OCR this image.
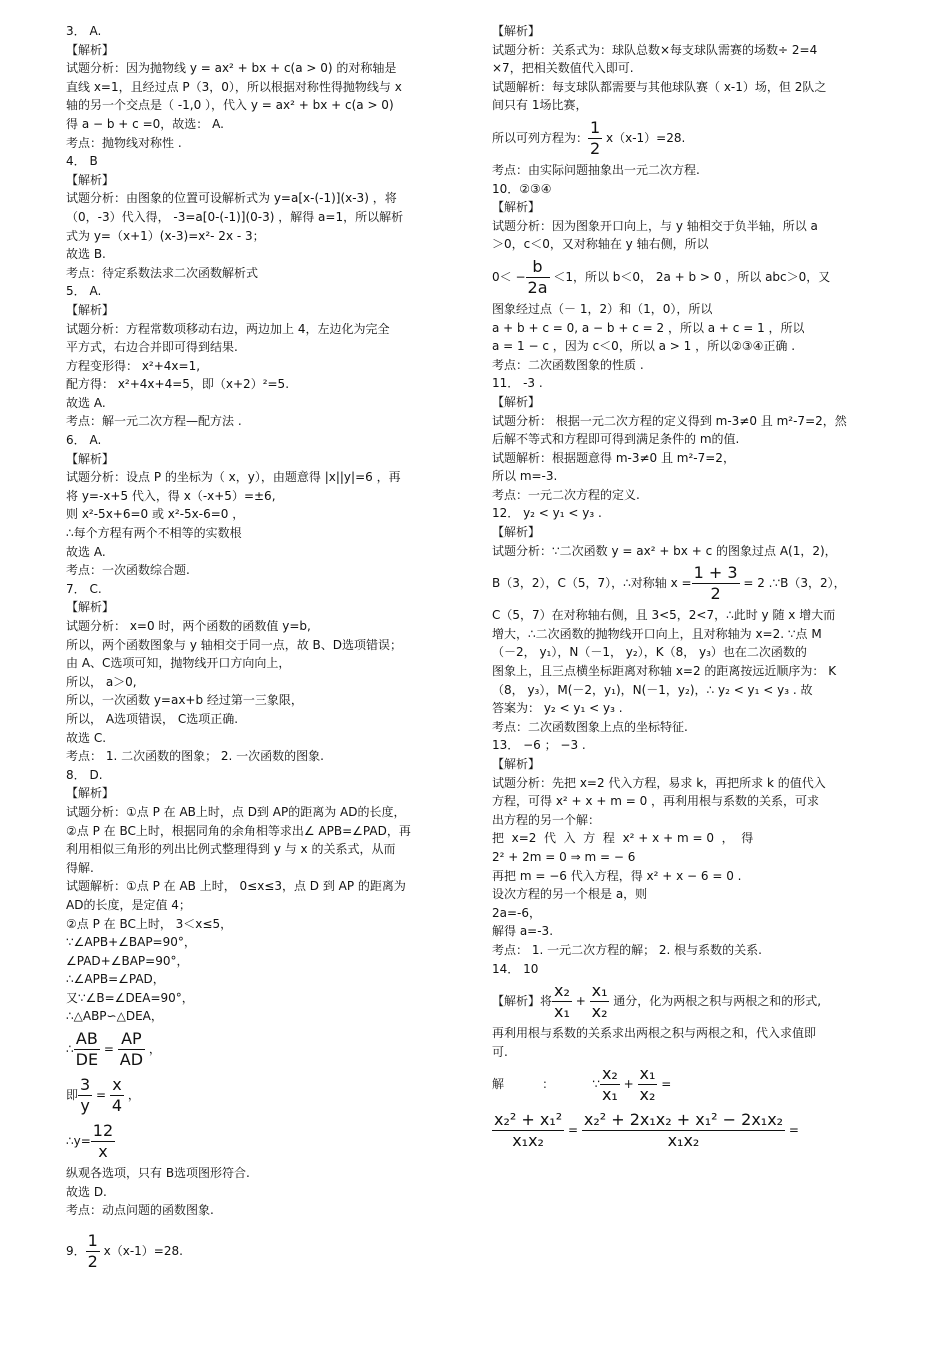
3． A.
【解析】
试题分析：因为抛物线 y = ax² + bx + c(a > 0) 的对称轴是
直线 x=1，且经过点 P（3，0），所以根据对称性得抛物线与 x
轴的另一个交点是（ -1,0 ），代入 y = ax² + bx + c(a > 0)
得 a − b + c =0，故选： A.
考点：抛物线对称性 .
4． B
【解析】
试题分析：由图象的位置可设解析式为 y=a[x-(-1)](x-3) ，将
（0，-3）代入得， -3=a[0-(-1)](0-3) ，解得 a=1，所以解析
式为 y=（x+1）(x-3)=x²- 2x - 3；
故选 B.
考点：待定系数法求二次函数解析式
5． A.
【解析】
试题分析：方程常数项移动右边，两边加上 4，左边化为完全
平方式，右边合并即可得到结果.
方程变形得： x²+4x=1,
配方得： x²+4x+4=5，即（x+2）²=5.
故选 A.
考点：解一元二次方程—配方法 .
6． A.
【解析】
试题分析：设点 P 的坐标为（ x，y），由题意得 |x||y|=6 ，再
将 y=-x+5 代入，得 x（-x+5）=±6,
则 x²-5x+6=0 或 x²-5x-6=0 ，
∴每个方程有两个不相等的实数根
故选 A.
考点：一次函数综合题.
7． C.
【解析】
试题分析： x=0 时，两个函数的函数值 y=b,
所以，两个函数图象与 y 轴相交于同一点，故 B、D选项错误；
由 A、C选项可知，抛物线开口方向向上，
所以， a＞0,
所以，一次函数 y=ax+b 经过第一三象限，
所以， A选项错误， C选项正确.
故选 C.
考点： 1. 二次函数的图象； 2. 一次函数的图象.
8． D.
【解析】
试题分析：①点 P 在 AB上时，点 D到 AP的距离为 AD的长度，
②点 P 在 BC上时，根据同角的余角相等求出∠ APB=∠PAD，再
利用相似三角形的列出比例式整理得到 y 与 x 的关系式，从而
得解.
试题解析：①点 P 在 AB 上时， 0≤x≤3，点 D 到 AP 的距离为
AD的长度，是定值 4；
②点 P 在 BC上时， 3＜x≤5，
∵∠APB+∠BAP=90°，
∠PAD+∠BAP=90°，
∴∠APB=∠PAD，
又∵∠B=∠DEA=90°，
∴△ABP∽△DEA，
∴ $\frac{AB}{DE} = \frac{AP}{AD}$ ，
即 $\frac{3}{y} = \frac{x}{4}$ ，
∴y= $\frac{12}{x}$
纵观各选项，只有 B选项图形符合.
故选 D.
考点：动点问题的函数图象.
9． $\frac{1}{2} x(x-1)=28$.
【解析】
试题分析：关系式为：球队总数×每支球队需赛的场数÷ 2=4
×7，把相关数值代入即可.
试题解析：每支球队都需要与其他球队赛（ x-1）场，但 2队之
间只有 1场比赛，
所以可列方程为： $\frac{1}{2} x(x-1)=28$.
考点：由实际问题抽象出一元二次方程.
10．②③④
【解析】
试题分析：因为图象开口向上，与 y 轴相交于负半轴，所以 a
＞0，c＜0，又对称轴在 y 轴右侧，所以
$0< - \frac{b}{2a} <1$，所以 b＜0， 2a + b > 0 ，所以 abc＞0，又
图象经过点（－ 1，2）和（1，0），所以
a + b + c = 0, a − b + c = 2 ，所以 a + c = 1 ，所以
a = 1 − c ，因为 c＜0，所以 a > 1 ，所以②③④正确 .
考点：二次函数图象的性质 .
11． -3 .
【解析】
试题分析： 根据一元二次方程的定义得到 m-3≠0 且 m²-7=2，然
后解不等式和方程即可得到满足条件的 m的值.
试题解析：根据题意得 m-3≠0 且 m²-7=2，
所以 m=-3.
考点：一元二次方程的定义.
12． y₂ < y₁ < y₃ .
【解析】
试题分析：∵二次函数 y = ax² + bx + c 的图象过点 A(1，2)，
B（3，2），C（5，7），∴对称轴 $x = \frac{1 + 3}{2} = 2$ .∵B（3，2），
C（5，7）在对称轴右侧，且 3<5，2<7，∴此时 y 随 x 增大而
增大，∴二次函数的抛物线开口向上，且对称轴为 x=2. ∵点 M
（－2， y₁），N（－1， y₂），K（8， y₃）也在二次函数的
图象上，且三点横坐标距离对称轴 x=2 的距离按远近顺序为： K
（8， y₃），M(－2，y₁)，N(－1，y₂)，∴ y₂ < y₁ < y₃ . 故
答案为： y₂ < y₁ < y₃ .
考点：二次函数图象上点的坐标特征.
13． −6 ； −3 .
【解析】
试题分析：先把 x=2 代入方程，易求 k，再把所求 k 的值代入
方程，可得 x² + x + m = 0 ，再利用根与系数的关系，可求
出方程的另一个解：
把  x=2  代  入  方  程  x² + x + m = 0  ，  得
2² + 2m = 0 ⇒ m = − 6
再把 m = −6 代入方程，得 x² + x − 6 = 0 .
设次方程的另一个根是 a，则
2a=-6，
解得 a=-3.
考点： 1. 一元二次方程的解； 2. 根与系数的关系.
14． 10
【解析】将 $\frac{\text{x₂}}{\text{x₁}} + \frac{\text{x₁}}{\text{x₂}}$ 通分，化为两根之积与两根之和的形式,
再利用根与系数的关系求出两根之积与两根之和，代入求值即
可.
解          ：          ∵ $\frac{\text{x₂}}{\text{x₁}} + \frac{\text{x₁}}{\text{x₂}}$ =
$\frac{\text{x₂² + x₁²}}{\text{x₁x₂}} = \frac{\text{x₂² + 2x₁x₂ + x₁² − 2x₁x₂}}{\text{x₁x₂}}$ =
